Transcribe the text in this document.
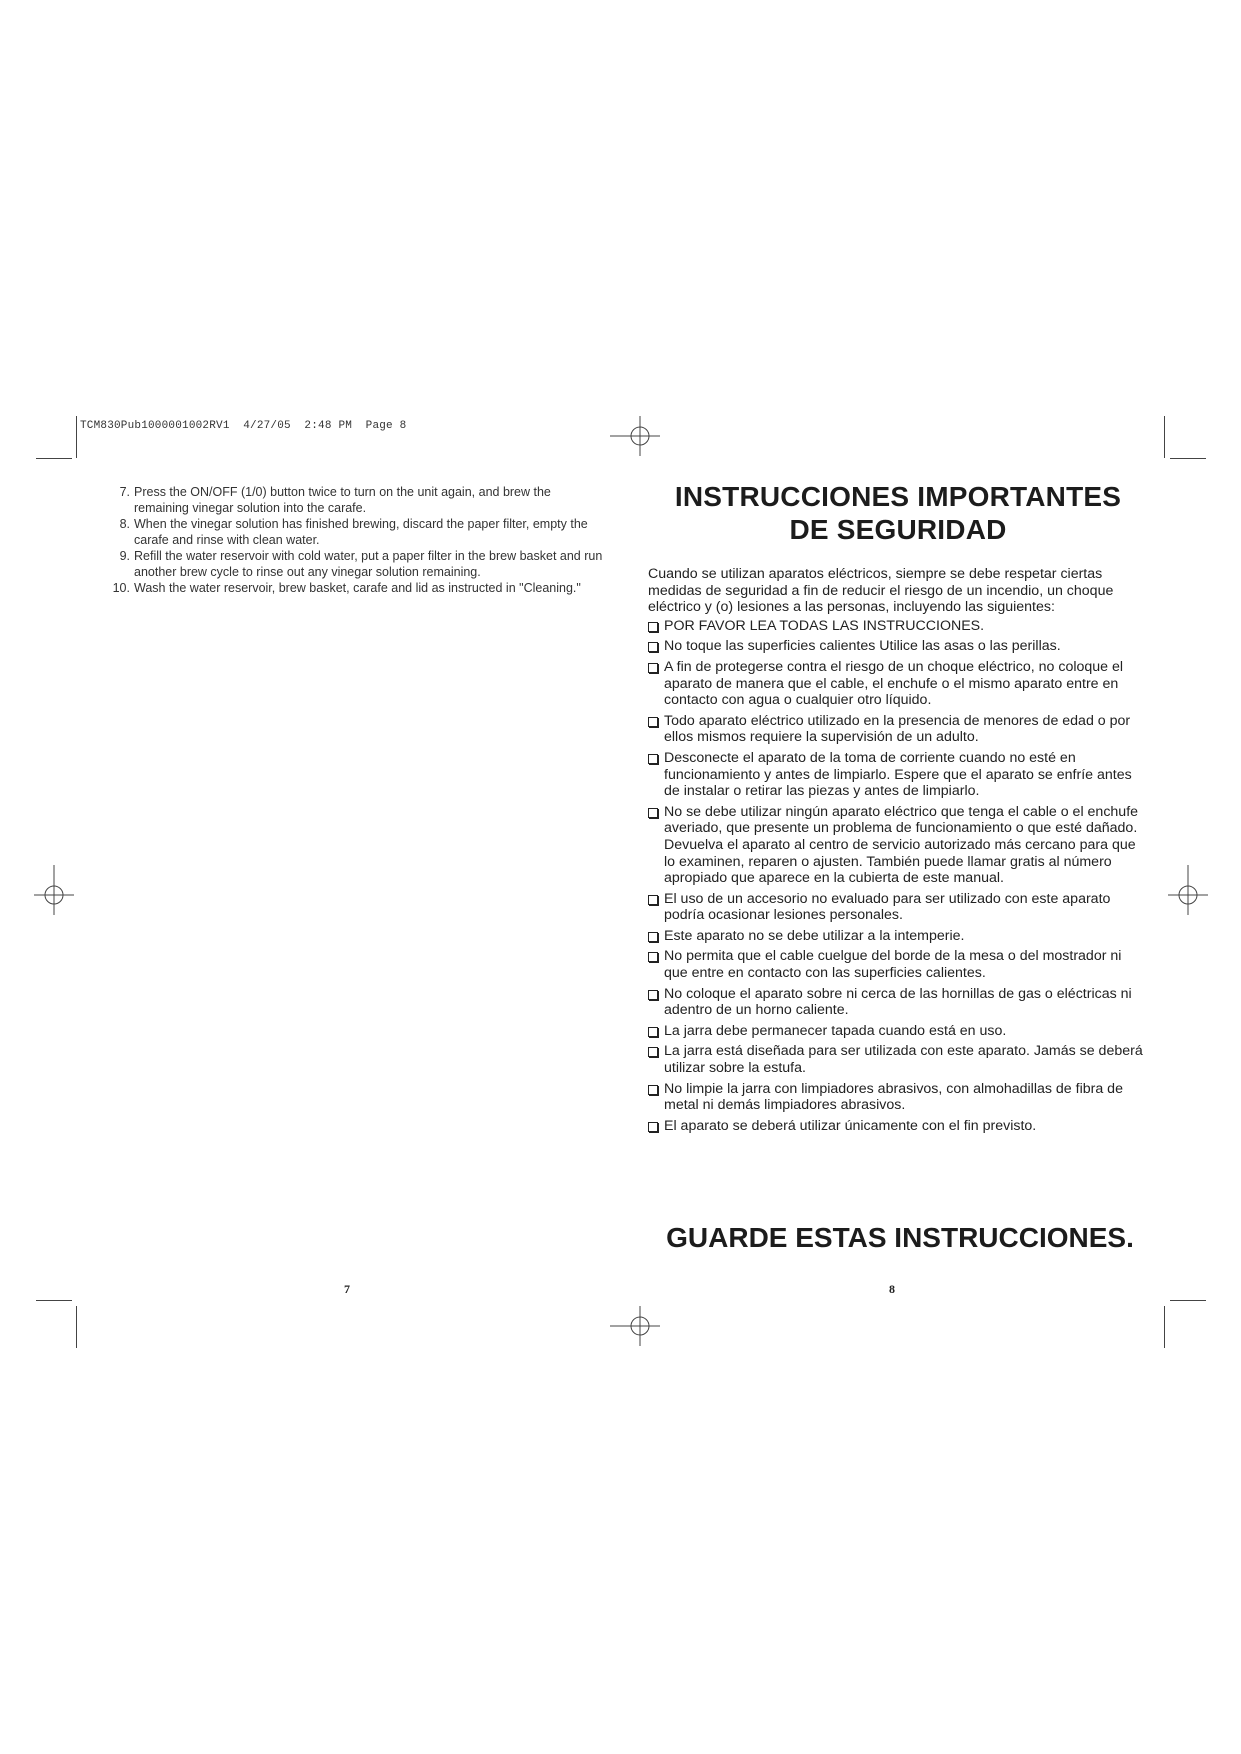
TCM830Pub1000001002RV1  4/27/05  2:48 PM  Page 8
7. Press the ON/OFF (1/0) button twice to turn on the unit again, and brew the remaining vinegar solution into the carafe.
8. When the vinegar solution has finished brewing, discard the paper filter, empty the carafe and rinse with clean water.
9. Refill the water reservoir with cold water, put a paper filter in the brew basket and run another brew cycle to rinse out any vinegar solution remaining.
10. Wash the water reservoir, brew basket, carafe and lid as instructed in "Cleaning."
7
INSTRUCCIONES IMPORTANTES
DE SEGURIDAD

Cuando se utilizan aparatos eléctricos, siempre se debe respetar ciertas medidas de seguridad a fin de reducir el riesgo de un incendio, un choque eléctrico y (o) lesiones a las personas, incluyendo las siguientes:

POR FAVOR LEA TODAS LAS INSTRUCCIONES.
No toque las superficies calientes Utilice las asas o las perillas.
A fin de protegerse contra el riesgo de un choque eléctrico, no coloque el aparato de manera que el cable, el enchufe o el mismo aparato entre en contacto con agua o cualquier otro líquido.
Todo aparato eléctrico utilizado en la presencia de menores de edad o por ellos mismos requiere la supervisión de un adulto.
Desconecte el aparato de la toma de corriente cuando no esté en funcionamiento y antes de limpiarlo. Espere que el aparato se enfríe antes de instalar o retirar las piezas y antes de limpiarlo.
No se debe utilizar ningún aparato eléctrico que tenga el cable o el enchufe averiado, que presente un problema de funcionamiento o que esté dañado. Devuelva el aparato al centro de servicio autorizado más cercano para que lo examinen, reparen o ajusten. También puede llamar gratis al número apropiado que aparece en la cubierta de este manual.
El uso de un accesorio no evaluado para ser utilizado con este aparato podría ocasionar lesiones personales.
Este aparato no se debe utilizar a la intemperie.
No permita que el cable cuelgue del borde de la mesa o del mostrador ni que entre en contacto con las superficies calientes.
No coloque el aparato sobre ni cerca de las hornillas de gas o eléctricas ni adentro de un horno caliente.
La jarra debe permanecer tapada cuando está en uso.
La jarra está diseñada para ser utilizada con este aparato. Jamás se deberá utilizar sobre la estufa.
No limpie la jarra con limpiadores abrasivos, con almohadillas de fibra de metal ni demás limpiadores abrasivos.
El aparato se deberá utilizar únicamente con el fin previsto.
GUARDE ESTAS INSTRUCCIONES.
8
